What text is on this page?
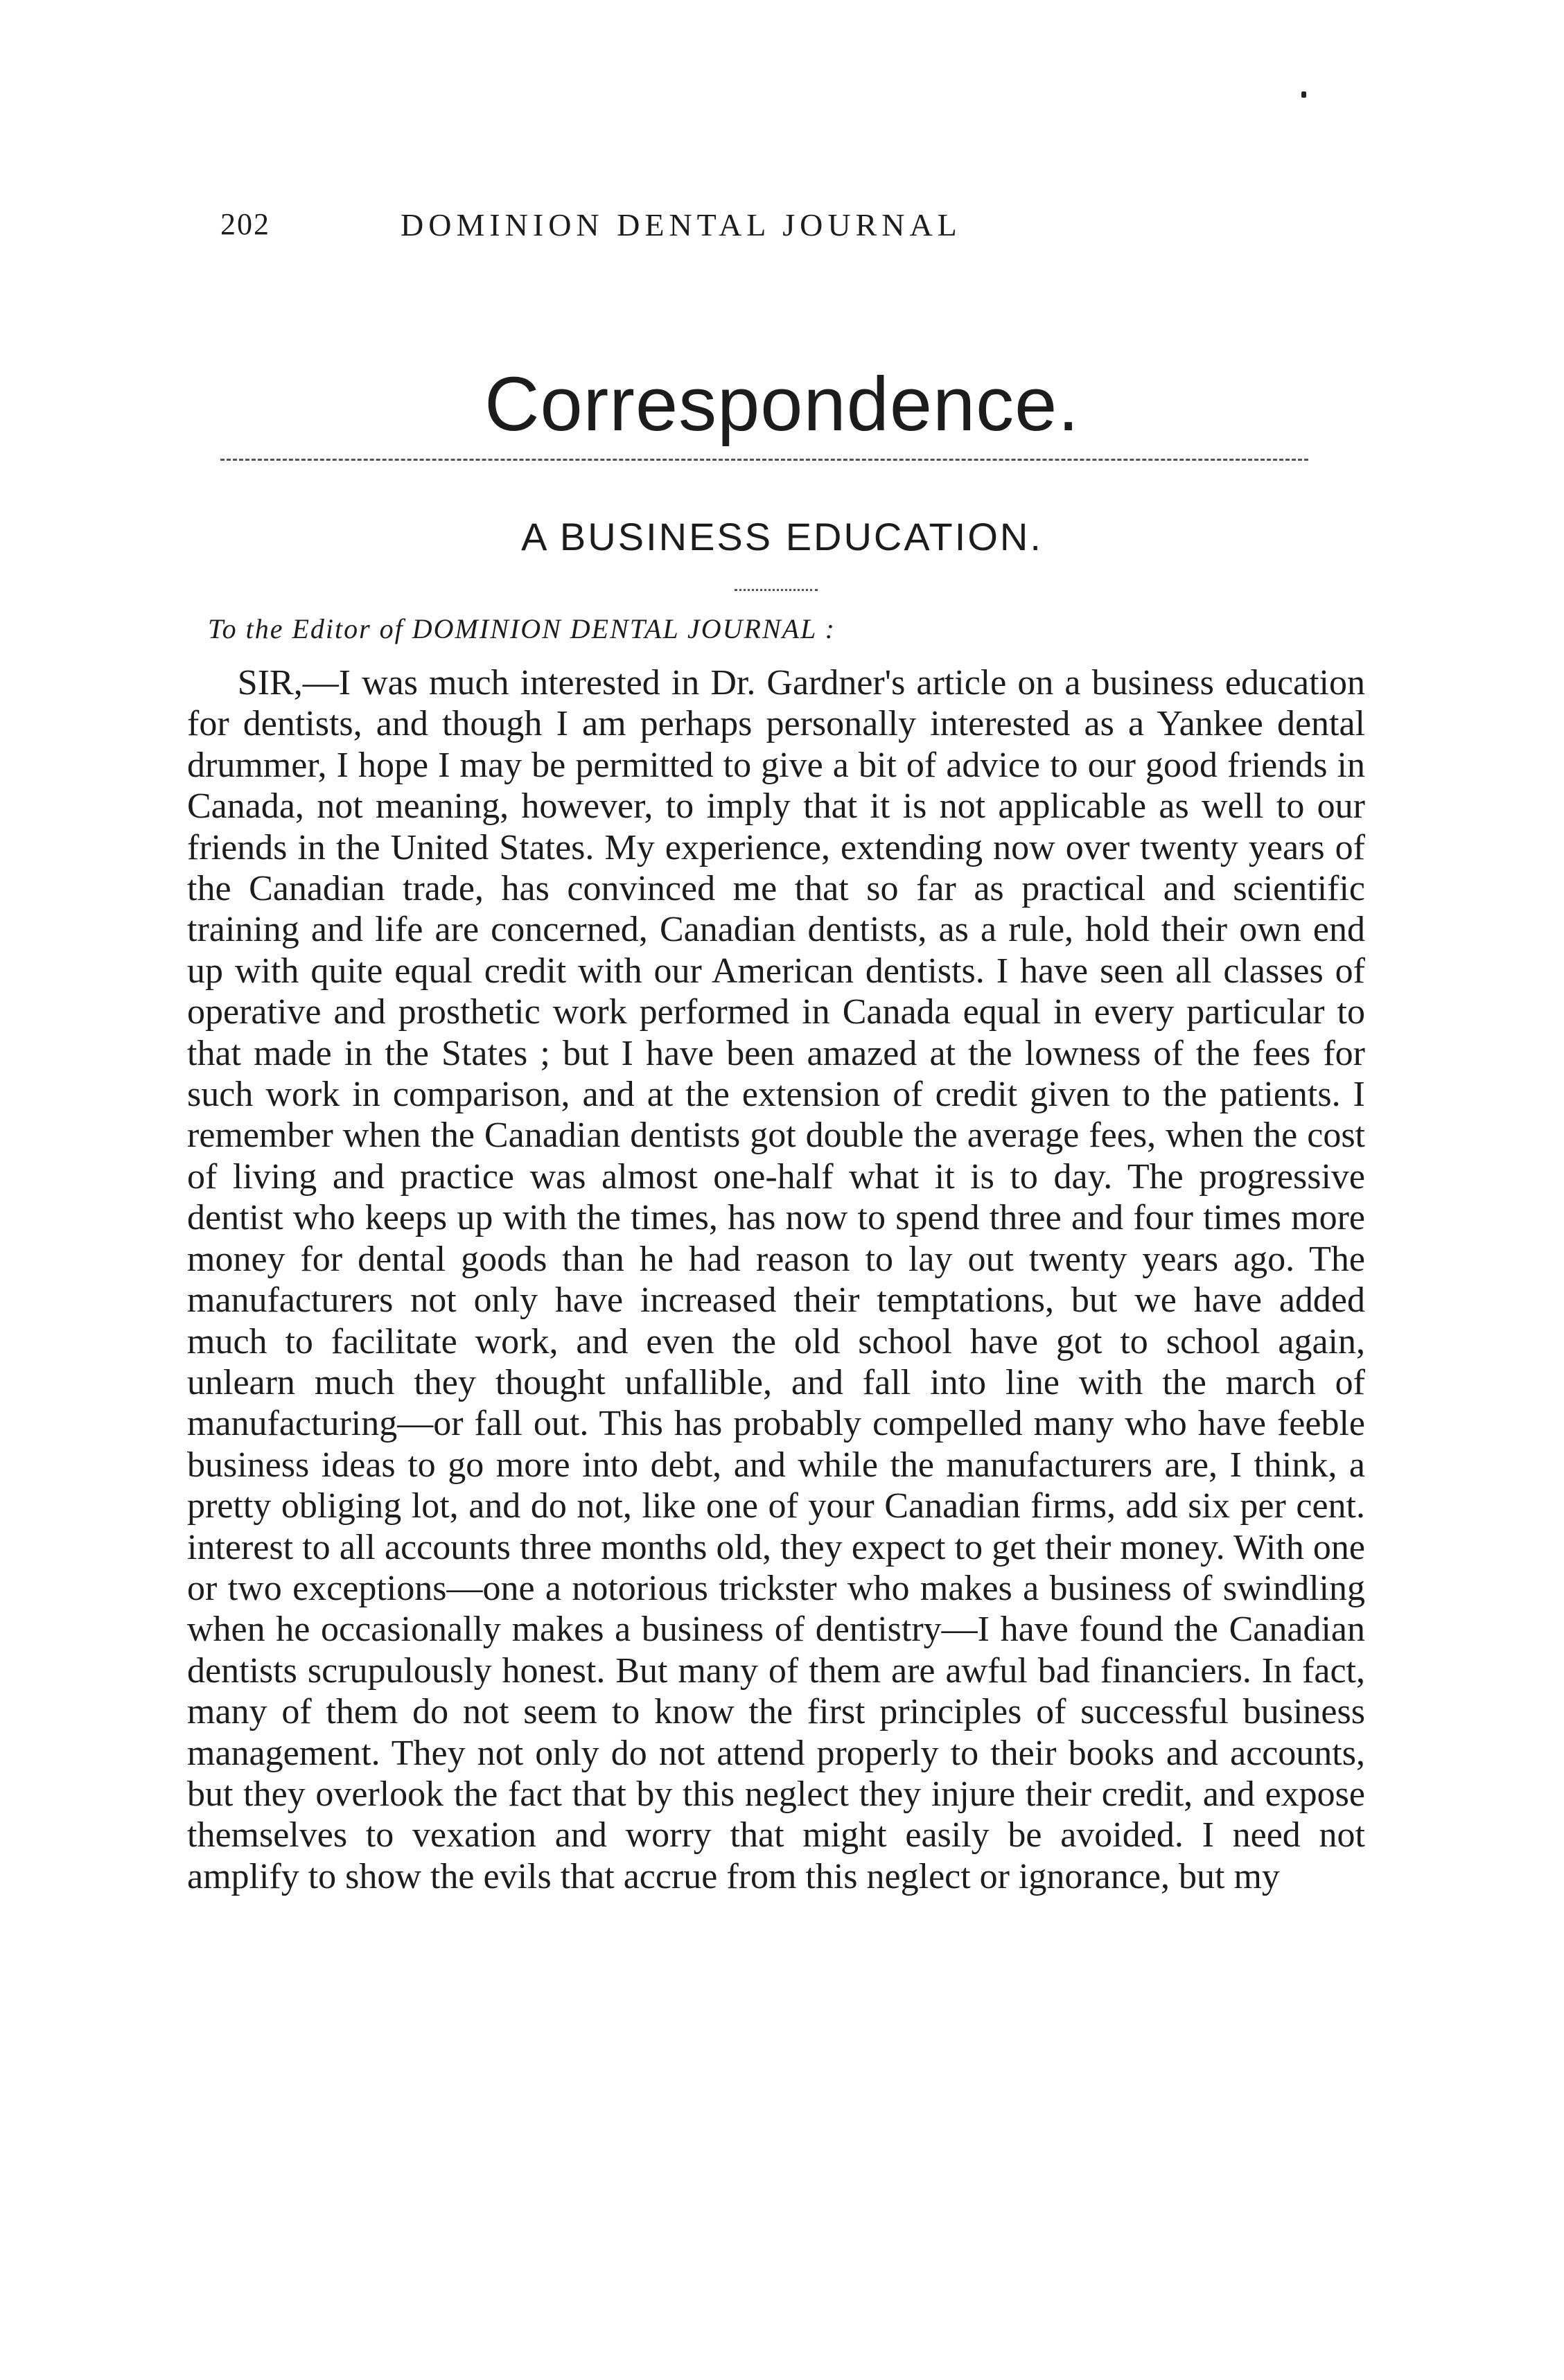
202	DOMINION DENTAL JOURNAL
Correspondence.
A BUSINESS EDUCATION.
To the Editor of DOMINION DENTAL JOURNAL :

SIR,—I was much interested in Dr. Gardner's article on a business education for dentists, and though I am perhaps personally interested as a Yankee dental drummer, I hope I may be permitted to give a bit of advice to our good friends in Canada, not meaning, however, to imply that it is not applicable as well to our friends in the United States. My experience, extending now over twenty years of the Canadian trade, has convinced me that so far as practical and scientific training and life are concerned, Canadian dentists, as a rule, hold their own end up with quite equal credit with our American dentists. I have seen all classes of operative and prosthetic work performed in Canada equal in every particular to that made in the States ; but I have been amazed at the lowness of the fees for such work in comparison, and at the extension of credit given to the patients. I remember when the Canadian dentists got double the average fees, when the cost of living and practice was almost one-half what it is to day. The progressive dentist who keeps up with the times, has now to spend three and four times more money for dental goods than he had reason to lay out twenty years ago. The manufacturers not only have increased their temptations, but we have added much to facilitate work, and even the old school have got to school again, unlearn much they thought unfallible, and fall into line with the march of manufacturing—or fall out. This has probably compelled many who have feeble business ideas to go more into debt, and while the manufacturers are, I think, a pretty obliging lot, and do not, like one of your Canadian firms, add six per cent. interest to all accounts three months old, they expect to get their money. With one or two exceptions—one a notorious trickster who makes a business of swindling when he occasionally makes a business of dentistry—I have found the Canadian dentists scrupulously honest. But many of them are awful bad financiers. In fact, many of them do not seem to know the first principles of successful business management. They not only do not attend properly to their books and accounts, but they overlook the fact that by this neglect they injure their credit, and expose themselves to vexation and worry that might easily be avoided. I need not amplify to show the evils that accrue from this neglect or ignorance, but my
